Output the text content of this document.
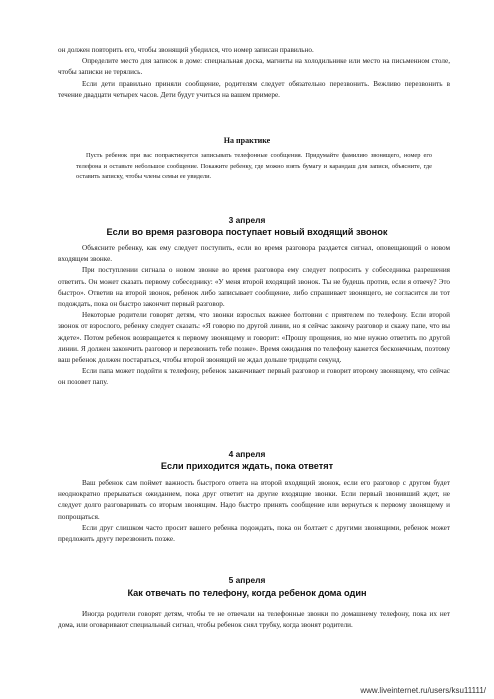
он должен повторить его, чтобы звонящий убедился, что номер записан правильно.

Определите место для записок в доме: специальная доска, магниты на холодильнике или место на письменном столе, чтобы записки не терялись.

Если дети правильно приняли сообщение, родителям следует обязательно перезвонить. Вежливо перезвонить в течение двадцати четырех часов. Дети будут учиться на вашем примере.

На практике

Пусть ребенок при вас попрактикуется записывать телефонные сообщения. Придумайте фамилию звонящего, номер его телефона и оставьте небольшое сообщение. Покажите ребенку, где можно взять бумагу и карандаш для записи, объясните, где оставить записку, чтобы члены семьи ее увидели.

3 апреля
Если во время разговора поступает новый входящий звонок

Объясните ребенку, как ему следует поступить, если во время разговора раздается сигнал, оповещающий о новом входящем звонке.

При поступлении сигнала о новом звонке во время разговора ему следует попросить у собеседника разрешения ответить. Он может сказать первому собеседнику: «У меня второй входящий звонок. Ты не будешь против, если я отвечу? Это быстро». Ответив на второй звонок, ребенок либо записывает сообщение, либо спрашивает звонящего, не согласится ли тот подождать, пока он быстро закончит первый разговор.

Некоторые родители говорят детям, что звонки взрослых важнее болтовни с приятелем по телефону. Если второй звонок от взрослого, ребенку следует сказать: «Я говорю по другой линии, но я сейчас закончу разговор и скажу папе, что вы ждете». Потом ребенок возвращается к первому звонящему и говорит: «Прошу прощения, но мне нужно ответить по другой линии. Я должен закончить разговор и перезвонить тебе позже». Время ожидания по телефону кажется бесконечным, поэтому ваш ребенок должен постараться, чтобы второй звонящий не ждал дольше тридцати секунд.

Если папа может подойти к телефону, ребенок заканчивает первый разговор и говорит второму звонящему, что сейчас он позовет папу.

4 апреля
Если приходится ждать, пока ответят

Ваш ребенок сам поймет важность быстрого ответа на второй входящий звонок, если его разговор с другом будет неоднократно прерываться ожиданием, пока друг ответит на другие входящие звонки. Если первый звонивший ждет, не следует долго разговаривать со вторым звонящим. Надо быстро принять сообщение или вернуться к первому звонящему и попрощаться.

Если друг слишком часто просит вашего ребенка подождать, пока он болтает с другими звонящими, ребенок может предложить другу перезвонить позже.

5 апреля
Как отвечать по телефону, когда ребенок дома один

Иногда родители говорят детям, чтобы те не отвечали на телефонные звонки по домашнему телефону, пока их нет дома, или оговаривают специальный сигнал, чтобы ребенок снял трубку, когда звонят родители.

www.liveinternet.ru/users/ksu11111/
